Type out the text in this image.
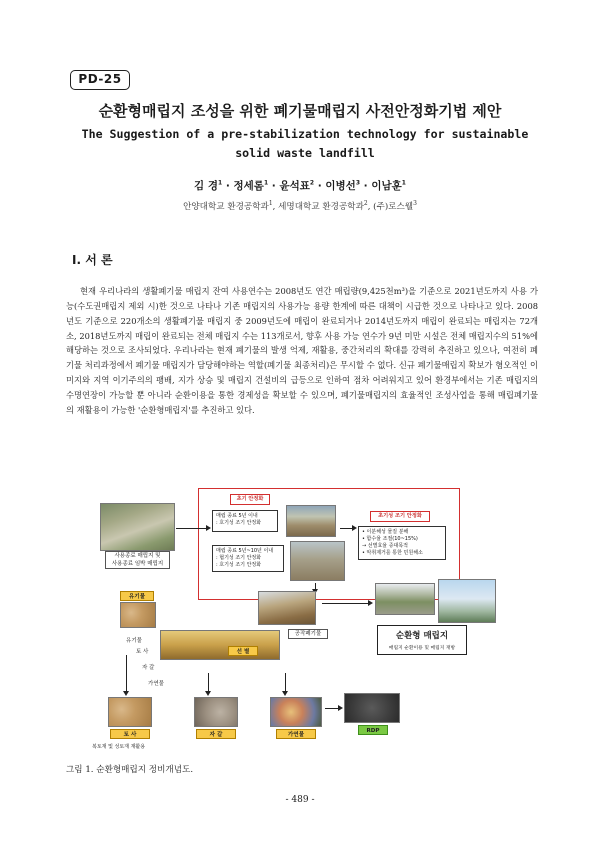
PD-25
순환형매립지 조성을 위한 폐기물매립지 사전안정화기법 제안
The Suggestion of a pre-stabilization technology for sustainable
solid waste landfill
김 경$^1$ · 정세롬$^1$ · 윤석표$^2$ · 이병선$^3$ · 이남훈$^1$
안양대학교 환경공학과$^1$, 세명대학교 환경공학과$^2$, (주)로스웰$^3$
Ⅰ. 서 론
현재 우리나라의 생활폐기물 매립지 잔여 사용연수는 2008년도 연간 매립량(9,425천m³)을 기준으로 2021년도까지 사용 가능(수도권매립지 제외 시)한 것으로 나타나 기존 매립지의 사용가능 용량 한계에 따른 대책이 시급한 것으로 나타나고 있다. 2008년도 기준으로 220개소의 생활폐기물 매립지 중 2009년도에 매립이 완료되거나 2014년도까지 매립이 완료되는 매립지는 72개소, 2018년도까지 매립이 완료되는 전체 매립지 수는 113개로서, 향후 사용 가능 연수가 9년 미만 시설은 전체 매립지수의 51%에 해당하는 것으로 조사되었다. 우리나라는 현재 폐기물의 발생 억제, 재활용, 중간처리의 확대를 강력히 추진하고 있으나, 여전히 폐기물 처리과정에서 폐기물 매립지가 담당해야하는 역할(폐기물 최종처리)은 무시할 수 없다. 신규 폐기물매립지 확보가 혐오적인 이미지와 지역 이기주의의 팽배, 지가 상승 및 매립지 건설비의 급등으로 인하여 점차 어려워지고 있어 환경부에서는 기존 매립지의 수명연장이 가능할 뿐 아니라 순환이용을 통한 경제성을 확보할 수 있으며, 폐기물매립지의 효율적인 조성사업을 통해 매립폐기물의 재활용이 가능한 '순환형매립지'를 추진하고 있다.
사용종료 매립지 및
사용종료 임박 매립지
초기 안정화
초기성 조기 안정화
매립 종료 5년 이내
: 호기성 조기 안정화
매립 종료 5년~10년 이내
: 협기성 조기 안정화
: 호기성 조기 안정화
• 이분해성 물질 분해
• 함수율 조절(10~15%)
→ 선별효율 증대목적
• 악취제거를 통한 민원해소
유기물
공작폐기물	순환형 매립지
매립지 순환이용 및 매립지 재방
선 별
유기물
토 사
자 갈
가연물
토 사	자 갈	가연물
RDP
복토재 및 성토재 재활용
그림 1. 순환형매립지 정비개념도.
- 489 -
